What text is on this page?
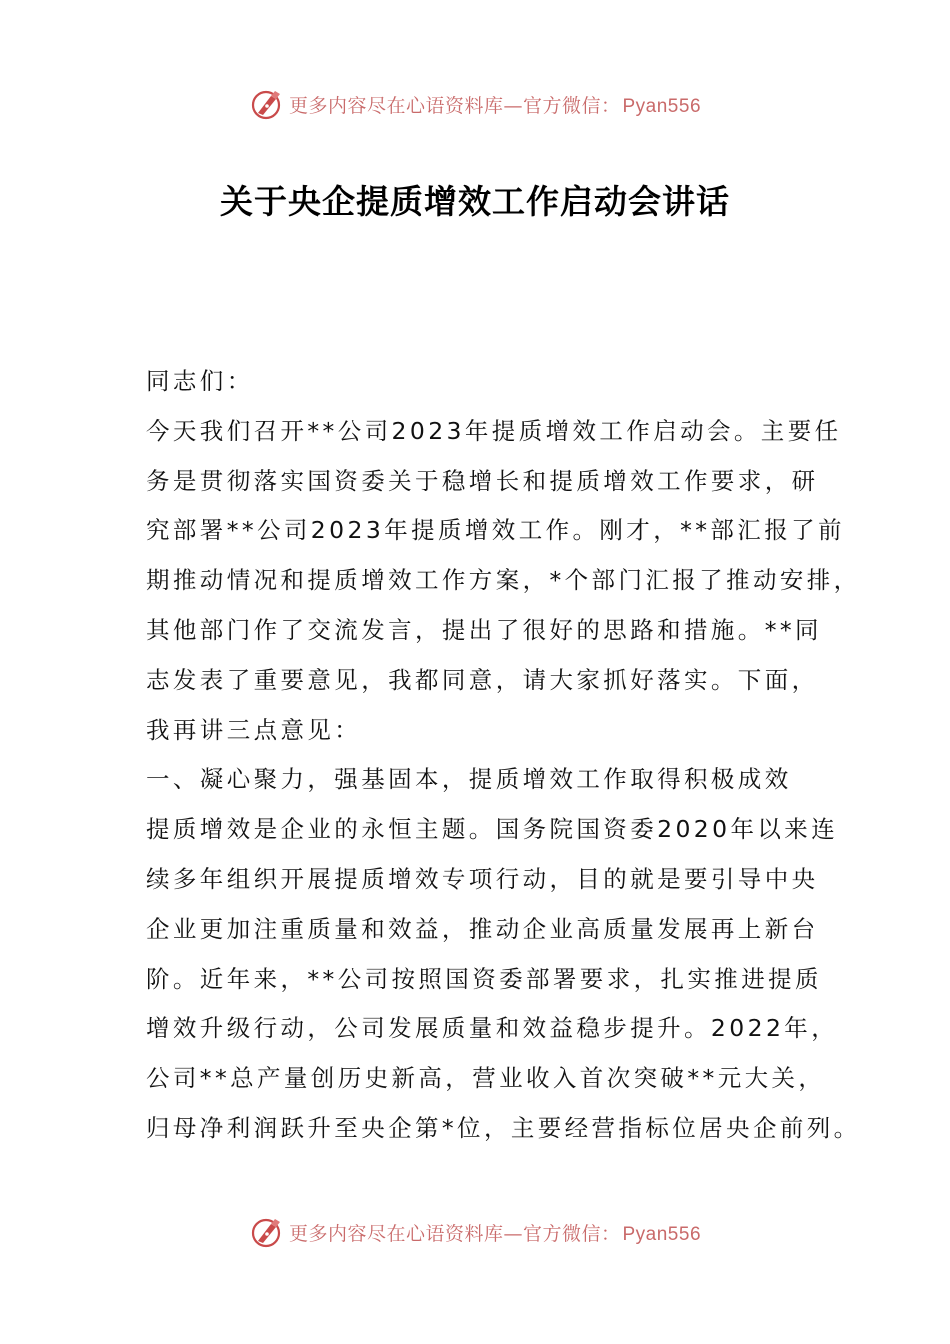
更多内容尽在心语资料库—官方微信： Pyan556
关于央企提质增效工作启动会讲话
同志们：
今天我们召开**公司2023年提质增效工作启动会。主要任
务是贯彻落实国资委关于稳增长和提质增效工作要求，研
究部署**公司2023年提质增效工作。刚才，**部汇报了前
期推动情况和提质增效工作方案，*个部门汇报了推动安排，
其他部门作了交流发言，提出了很好的思路和措施。**同
志发表了重要意见，我都同意，请大家抓好落实。下面，
我再讲三点意见：
一、凝心聚力，强基固本，提质增效工作取得积极成效
提质增效是企业的永恒主题。国务院国资委2020年以来连
续多年组织开展提质增效专项行动，目的就是要引导中央
企业更加注重质量和效益，推动企业高质量发展再上新台
阶。近年来，**公司按照国资委部署要求，扎实推进提质
增效升级行动，公司发展质量和效益稳步提升。2022年，
公司**总产量创历史新高，营业收入首次突破**元大关，
归母净利润跃升至央企第*位，主要经营指标位居央企前列。
更多内容尽在心语资料库—官方微信： Pyan556
